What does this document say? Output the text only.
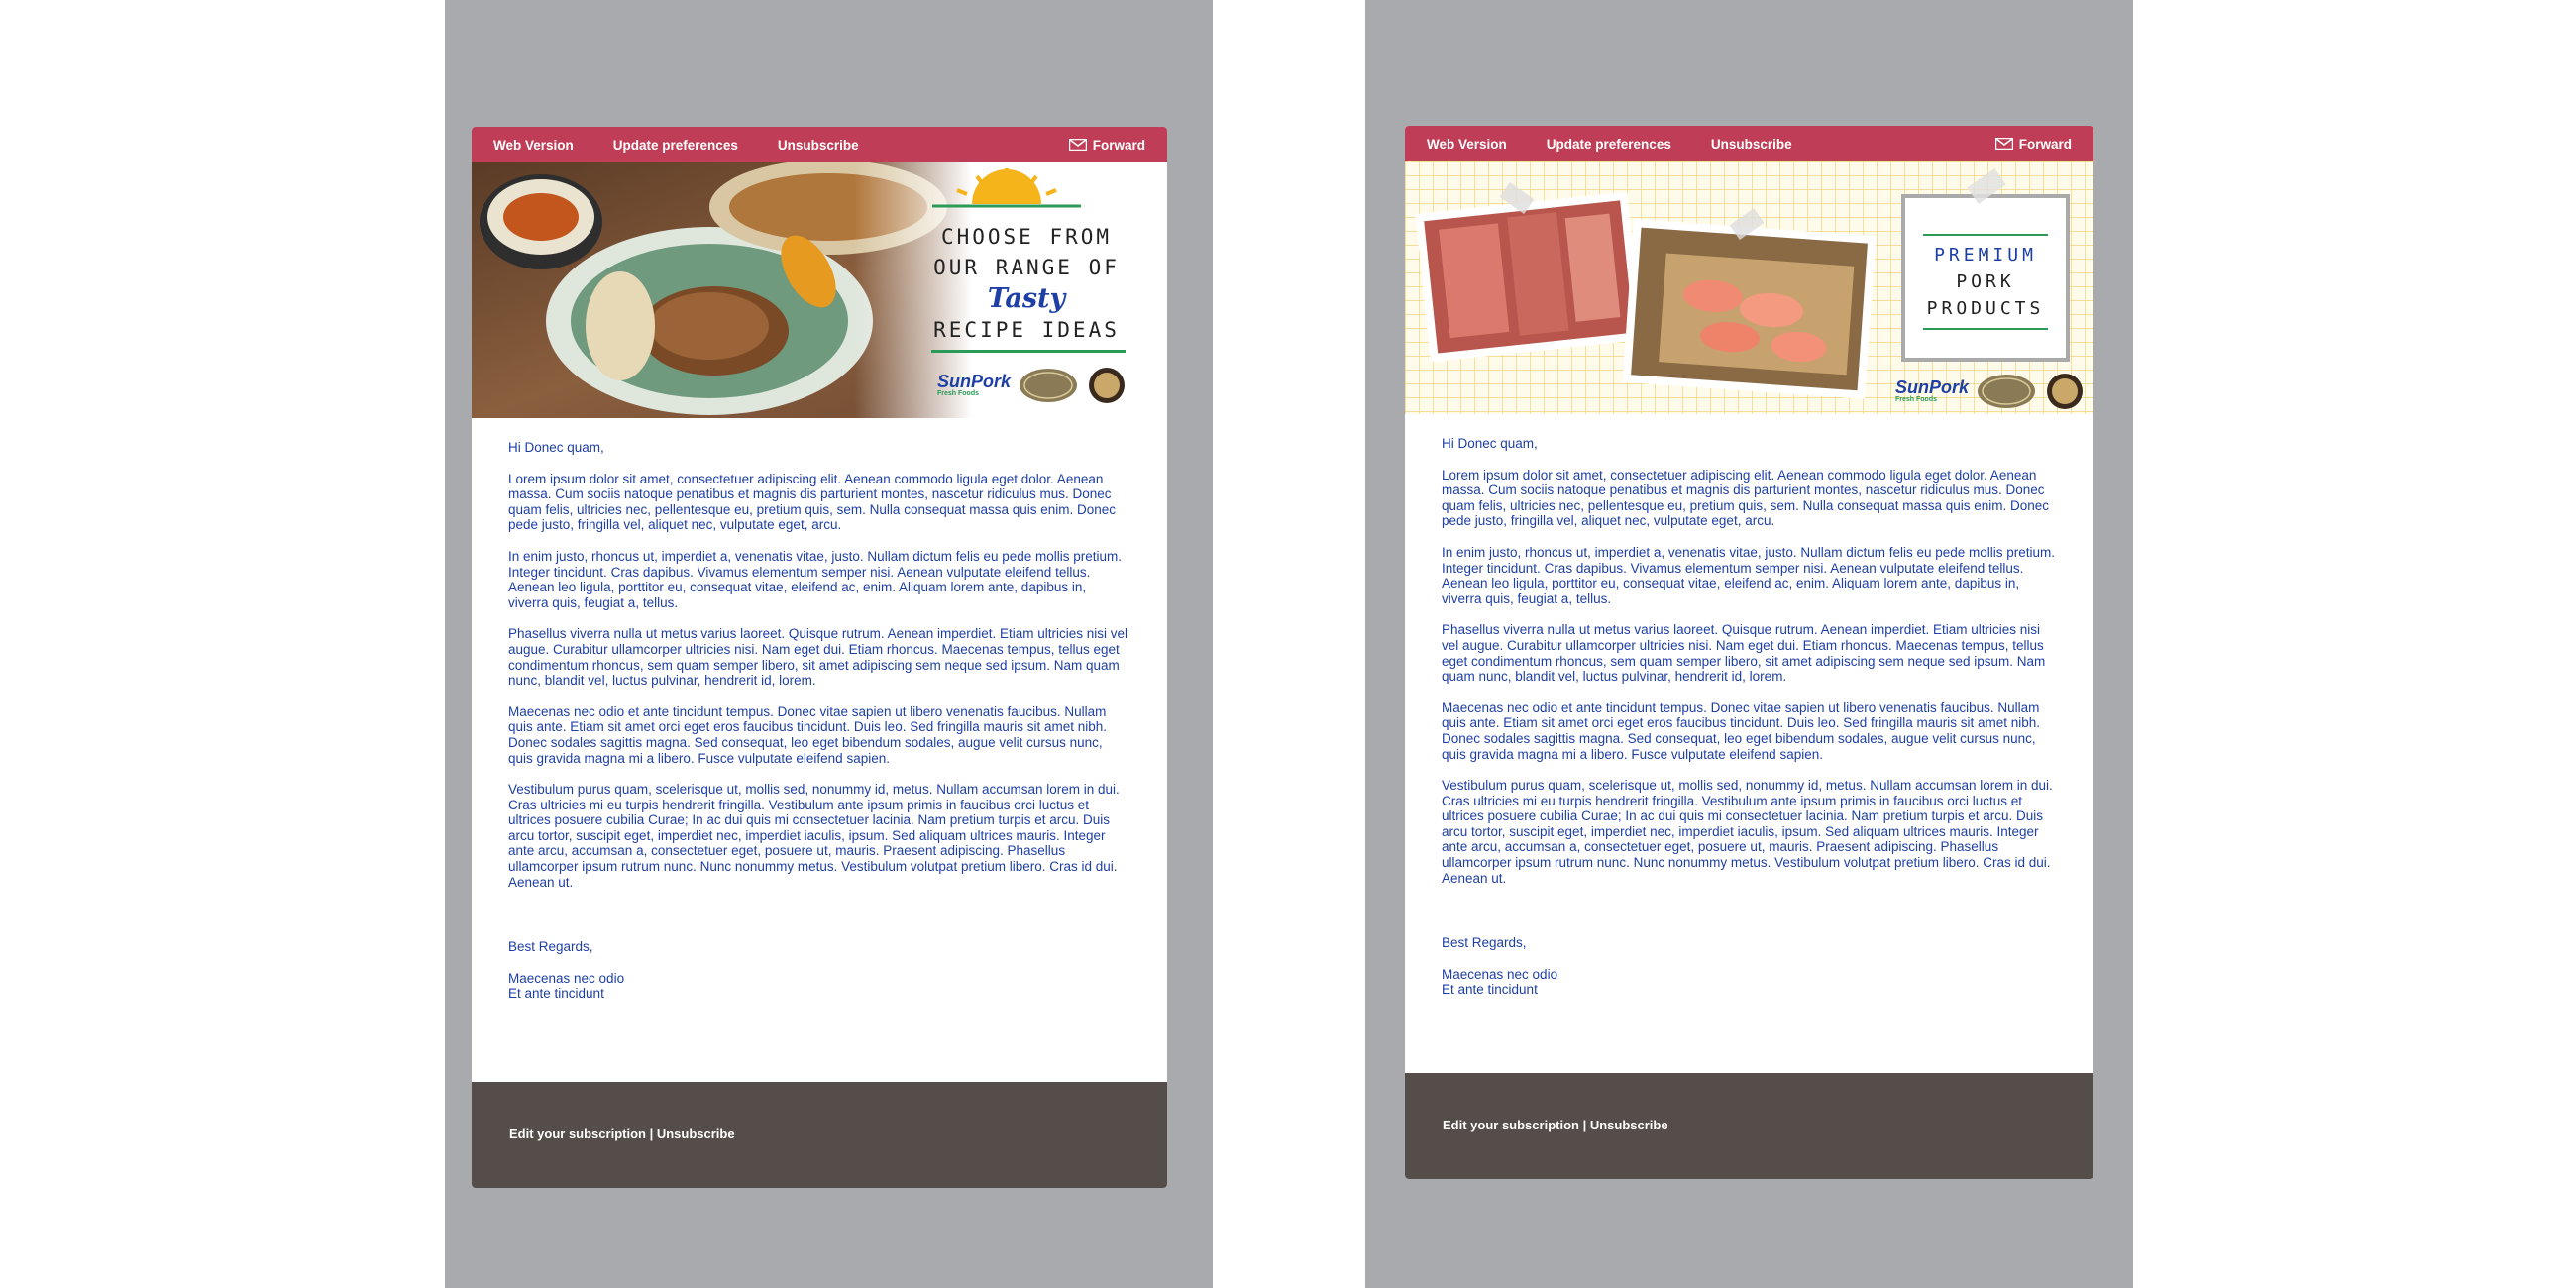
Web Version	Update preferences	Unsubscribe	Forward
CHOOSE FROM
OUR RANGE OF
Tasty
RECIPE IDEAS
SunPork
Fresh Foods

Hi Donec quam,

Lorem ipsum dolor sit amet, consectetuer adipiscing elit. Aenean commodo ligula eget dolor. Aenean massa. Cum sociis natoque penatibus et magnis dis parturient montes, nascetur ridiculus mus. Donec quam felis, ultricies nec, pellentesque eu, pretium quis, sem. Nulla consequat massa quis enim. Donec pede justo, fringilla vel, aliquet nec, vulputate eget, arcu.

In enim justo, rhoncus ut, imperdiet a, venenatis vitae, justo. Nullam dictum felis eu pede mollis pretium. Integer tincidunt. Cras dapibus. Vivamus elementum semper nisi. Aenean vulputate eleifend tellus. Aenean leo ligula, porttitor eu, consequat vitae, eleifend ac, enim. Aliquam lorem ante, dapibus in, viverra quis, feugiat a, tellus.

Phasellus viverra nulla ut metus varius laoreet. Quisque rutrum. Aenean imperdiet. Etiam ultricies nisi vel augue. Curabitur ullamcorper ultricies nisi. Nam eget dui. Etiam rhoncus. Maecenas tempus, tellus eget condimentum rhoncus, sem quam semper libero, sit amet adipiscing sem neque sed ipsum. Nam quam nunc, blandit vel, luctus pulvinar, hendrerit id, lorem.

Maecenas nec odio et ante tincidunt tempus. Donec vitae sapien ut libero venenatis faucibus. Nullam quis ante. Etiam sit amet orci eget eros faucibus tincidunt. Duis leo. Sed fringilla mauris sit amet nibh. Donec sodales sagittis magna. Sed consequat, leo eget bibendum sodales, augue velit cursus nunc, quis gravida magna mi a libero. Fusce vulputate eleifend sapien.

Vestibulum purus quam, scelerisque ut, mollis sed, nonummy id, metus. Nullam accumsan lorem in dui. Cras ultricies mi eu turpis hendrerit fringilla. Vestibulum ante ipsum primis in faucibus orci luctus et ultrices posuere cubilia Curae; In ac dui quis mi consectetuer lacinia. Nam pretium turpis et arcu. Duis arcu tortor, suscipit eget, imperdiet nec, imperdiet iaculis, ipsum. Sed aliquam ultrices mauris. Integer ante arcu, accumsan a, consectetuer eget, posuere ut, mauris. Praesent adipiscing. Phasellus ullamcorper ipsum rutrum nunc. Nunc nonummy metus. Vestibulum volutpat pretium libero. Cras id dui. Aenean ut.

Best Regards,

Maecenas nec odio
Et ante tincidunt
Edit your subscription | Unsubscribe
Web Version	Update preferences	Unsubscribe	Forward
PREMIUM
PORK
PRODUCTS
SunPork
Fresh Foods

Hi Donec quam,

Lorem ipsum dolor sit amet, consectetuer adipiscing elit. Aenean commodo ligula eget dolor. Aenean massa. Cum sociis natoque penatibus et magnis dis parturient montes, nascetur ridiculus mus. Donec quam felis, ultricies nec, pellentesque eu, pretium quis, sem. Nulla consequat massa quis enim. Donec pede justo, fringilla vel, aliquet nec, vulputate eget, arcu.

In enim justo, rhoncus ut, imperdiet a, venenatis vitae, justo. Nullam dictum felis eu pede mollis pretium. Integer tincidunt. Cras dapibus. Vivamus elementum semper nisi. Aenean vulputate eleifend tellus. Aenean leo ligula, porttitor eu, consequat vitae, eleifend ac, enim. Aliquam lorem ante, dapibus in, viverra quis, feugiat a, tellus.

Phasellus viverra nulla ut metus varius laoreet. Quisque rutrum. Aenean imperdiet. Etiam ultricies nisi vel augue. Curabitur ullamcorper ultricies nisi. Nam eget dui. Etiam rhoncus. Maecenas tempus, tellus eget condimentum rhoncus, sem quam semper libero, sit amet adipiscing sem neque sed ipsum. Nam quam nunc, blandit vel, luctus pulvinar, hendrerit id, lorem.

Maecenas nec odio et ante tincidunt tempus. Donec vitae sapien ut libero venenatis faucibus. Nullam quis ante. Etiam sit amet orci eget eros faucibus tincidunt. Duis leo. Sed fringilla mauris sit amet nibh. Donec sodales sagittis magna. Sed consequat, leo eget bibendum sodales, augue velit cursus nunc, quis gravida magna mi a libero. Fusce vulputate eleifend sapien.

Vestibulum purus quam, scelerisque ut, mollis sed, nonummy id, metus. Nullam accumsan lorem in dui. Cras ultricies mi eu turpis hendrerit fringilla. Vestibulum ante ipsum primis in faucibus orci luctus et ultrices posuere cubilia Curae; In ac dui quis mi consectetuer lacinia. Nam pretium turpis et arcu. Duis arcu tortor, suscipit eget, imperdiet nec, imperdiet iaculis, ipsum. Sed aliquam ultrices mauris. Integer ante arcu, accumsan a, consectetuer eget, posuere ut, mauris. Praesent adipiscing. Phasellus ullamcorper ipsum rutrum nunc. Nunc nonummy metus. Vestibulum volutpat pretium libero. Cras id dui. Aenean ut.

Best Regards,

Maecenas nec odio
Et ante tincidunt
Edit your subscription | Unsubscribe
